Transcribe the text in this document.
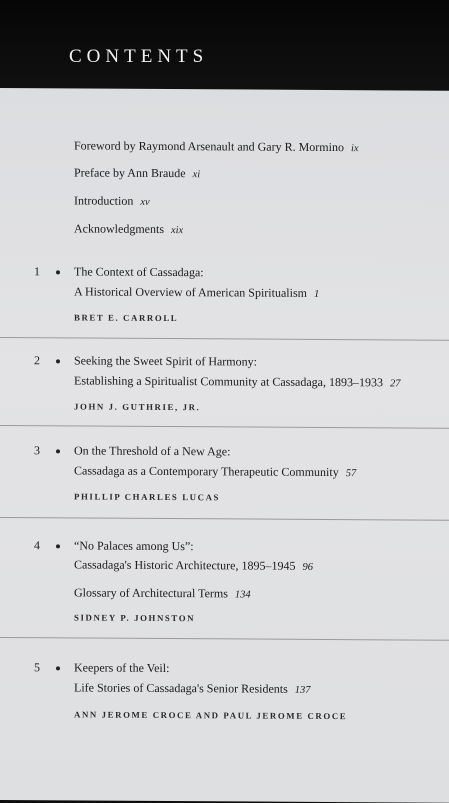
CONTENTS
Foreword by Raymond Arsenault and Gary R. Mormino ix
Preface by Ann Braude xi
Introduction xv
Acknowledgments xix
1	The Context of Cassadaga:
A Historical Overview of American Spiritualism 1
BRET E. CARROLL
2	Seeking the Sweet Spirit of Harmony:
Establishing a Spiritualist Community at Cassadaga, 1893–1933 27
JOHN J. GUTHRIE, JR.
3	On the Threshold of a New Age:
Cassadaga as a Contemporary Therapeutic Community 57
PHILLIP CHARLES LUCAS
4	“No Palaces among Us”:
Cassadaga's Historic Architecture, 1895–1945 96
Glossary of Architectural Terms 134
SIDNEY P. JOHNSTON
5	Keepers of the Veil:
Life Stories of Cassadaga's Senior Residents 137
ANN JEROME CROCE AND PAUL JEROME CROCE
